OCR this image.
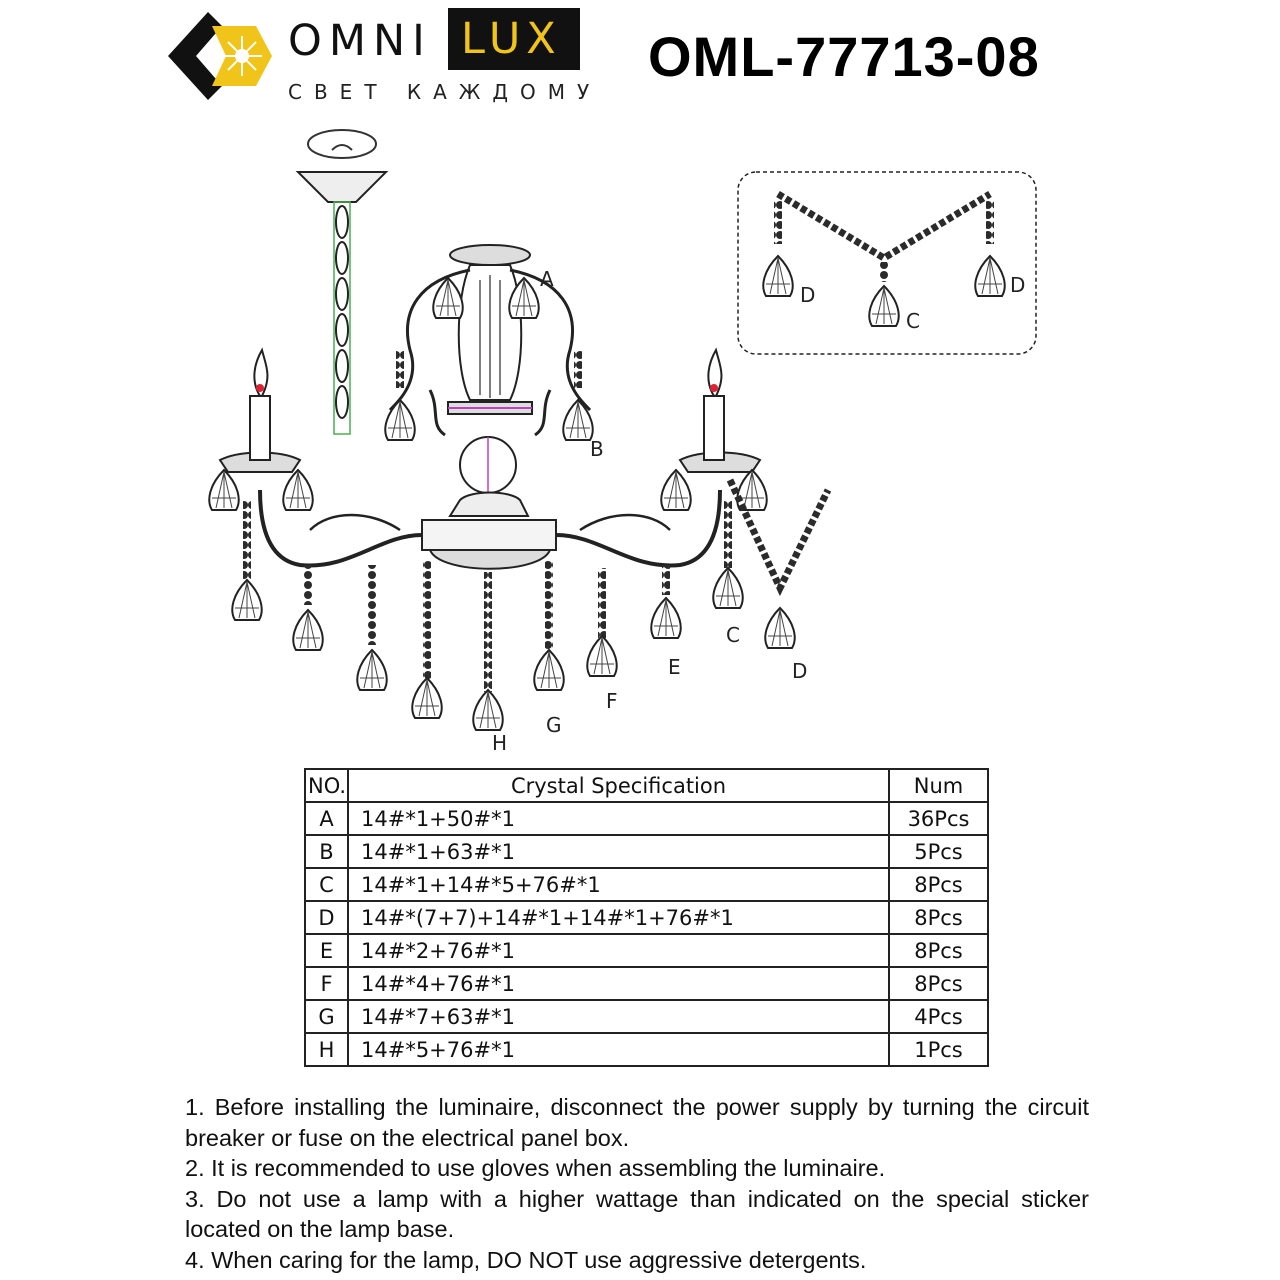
OMNI LUX
СВЕТ КАЖДОМУ
OML-77713-08
A
B
C
D
E
F
G
H
C
D	D
NO.	Crystal Specification	Num
A	14#*1+50#*1	36Pcs
B	14#*1+63#*1	5Pcs
C	14#*1+14#*5+76#*1	8Pcs
D	14#*(7+7)+14#*1+14#*1+76#*1	8Pcs
E	14#*2+76#*1	8Pcs
F	14#*4+76#*1	8Pcs
G	14#*7+63#*1	4Pcs
H	14#*5+76#*1	1Pcs

1. Before installing the luminaire, disconnect the power supply by turning the circuit breaker or fuse on the electrical panel box.

2. It is recommended to use gloves when assembling the luminaire.

3. Do not use a lamp with a higher wattage than indicated on the special sticker located on the lamp base.

4. When caring for the lamp, DO NOT use aggressive detergents.
